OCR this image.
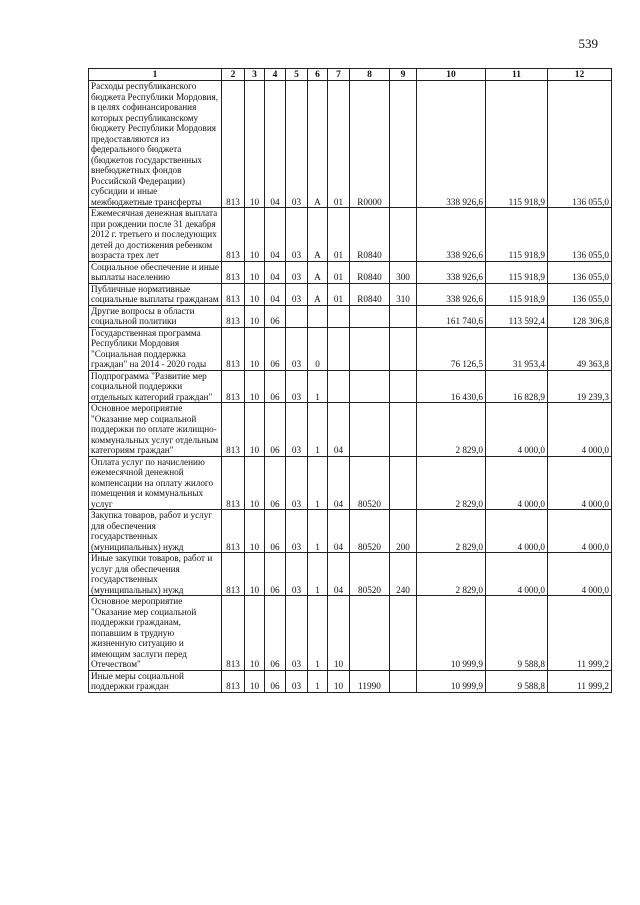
539
1	2	3	4	5	6	7	8	9	10	11	12
Расходы республиканского бюджета Республики Мордовия, в целях софинансирования которых республиканскому бюджету Республики Мордовия предоставляются из федерального бюджета (бюджетов государственных внебюджетных фондов Российской Федерации) субсидии и иные межбюджетные трансферты	813	10	04	03	А	01	R0000		338 926,6	115 918,9	136 055,0
Ежемесячная денежная выплата при рождении после 31 декабря 2012 г. третьего и последующих детей до достижения ребенком возраста трех лет	813	10	04	03	А	01	R0840		338 926,6	115 918,9	136 055,0
Социальное обеспечение и иные выплаты населению	813	10	04	03	А	01	R0840	300	338 926,6	115 918,9	136 055,0
Публичные нормативные социальные выплаты гражданам	813	10	04	03	А	01	R0840	310	338 926,6	115 918,9	136 055,0
Другие вопросы в области социальной политики	813	10	06						161 740,6	113 592,4	128 306,8
Государственная программа Республики Мордовия "Социальная поддержка граждан" на 2014 - 2020 годы	813	10	06	03	0				76 126,5	31 953,4	49 363,8
Подпрограмма "Развитие мер социальной поддержки отдельных категорий граждан"	813	10	06	03	1				16 430,6	16 828,9	19 239,3
Основное мероприятие "Оказание мер социальной поддержки по оплате жилищно-коммунальных услуг отдельным категориям граждан"	813	10	06	03	1	04			2 829,0	4 000,0	4 000,0
Оплата услуг по начислению ежемесячной денежной компенсации на оплату жилого помещения и коммунальных услуг	813	10	06	03	1	04	80520		2 829,0	4 000,0	4 000,0
Закупка товаров, работ и услуг для обеспечения государственных (муниципальных) нужд	813	10	06	03	1	04	80520	200	2 829,0	4 000,0	4 000,0
Иные закупки товаров, работ и услуг для обеспечения государственных (муниципальных) нужд	813	10	06	03	1	04	80520	240	2 829,0	4 000,0	4 000,0
Основное мероприятие "Оказание мер социальной поддержки гражданам, попавшим в трудную жизненную ситуацию и имеющим заслуги перед Отечеством"	813	10	06	03	1	10			10 999,9	9 588,8	11 999,2
Иные меры социальной поддержки граждан	813	10	06	03	1	10	11990		10 999,9	9 588,8	11 999,2
